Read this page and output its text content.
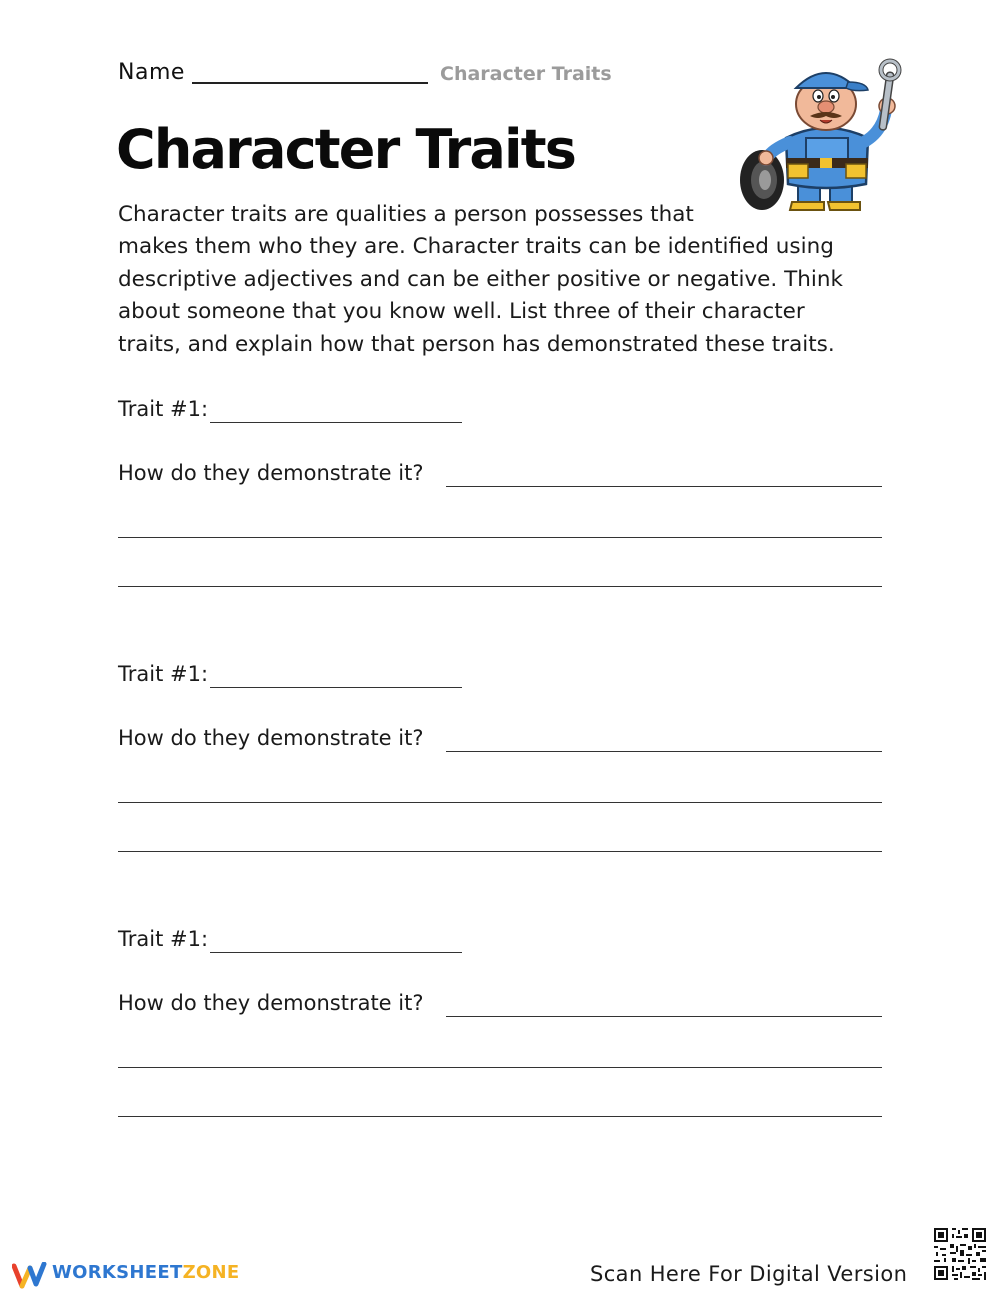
Name	Character Traits
Character Traits
Character traits are qualities a person possesses that
makes them who they are. Character traits can be identified using
descriptive adjectives and can be either positive or negative. Think
about someone that you know well. List three of their character
traits, and explain how that person has demonstrated these traits.
Trait #1:
How do they demonstrate it?
Trait #1:
How do they demonstrate it?
Trait #1:
How do they demonstrate it?
WORKSHEETZONE	Scan Here For Digital Version
